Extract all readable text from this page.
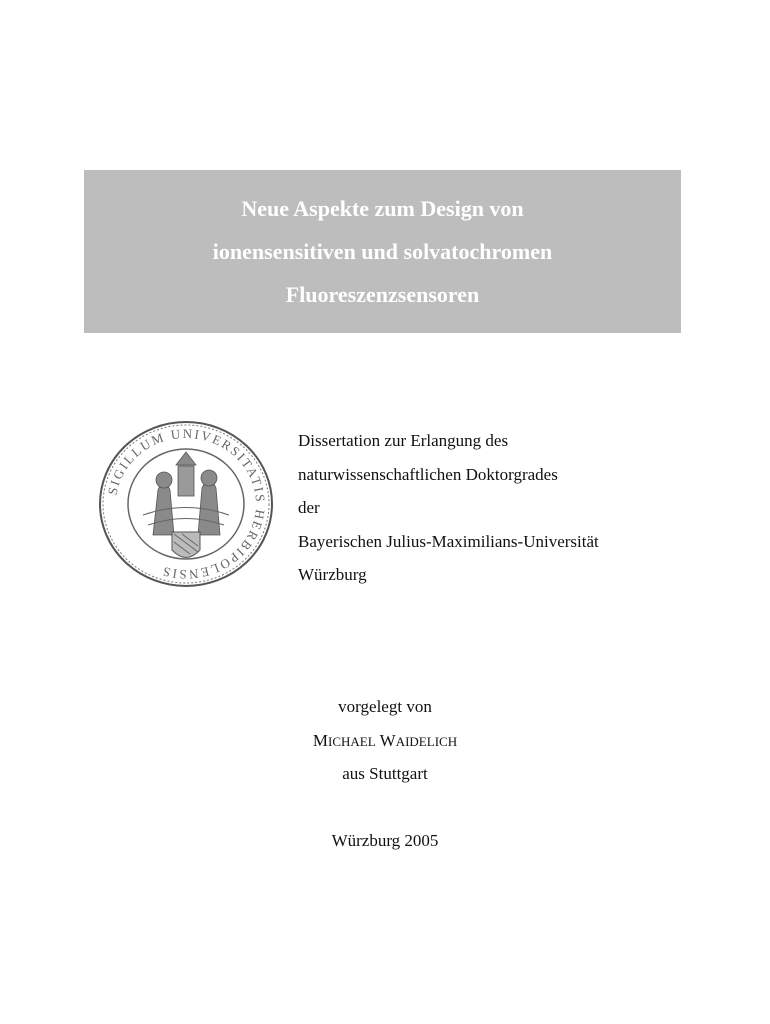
Neue Aspekte zum Design von
ionensensitiven und solvatochromen
Fluoreszenzsensoren
SIGILLUM UNIVERSITATIS HERBIPOLENSIS
Dissertation zur Erlangung des
naturwissenschaftlichen Doktorgrades
der
Bayerischen Julius-Maximilians-Universität
Würzburg
vorgelegt von
MICHAEL WAIDELICH
aus Stuttgart
Würzburg 2005
